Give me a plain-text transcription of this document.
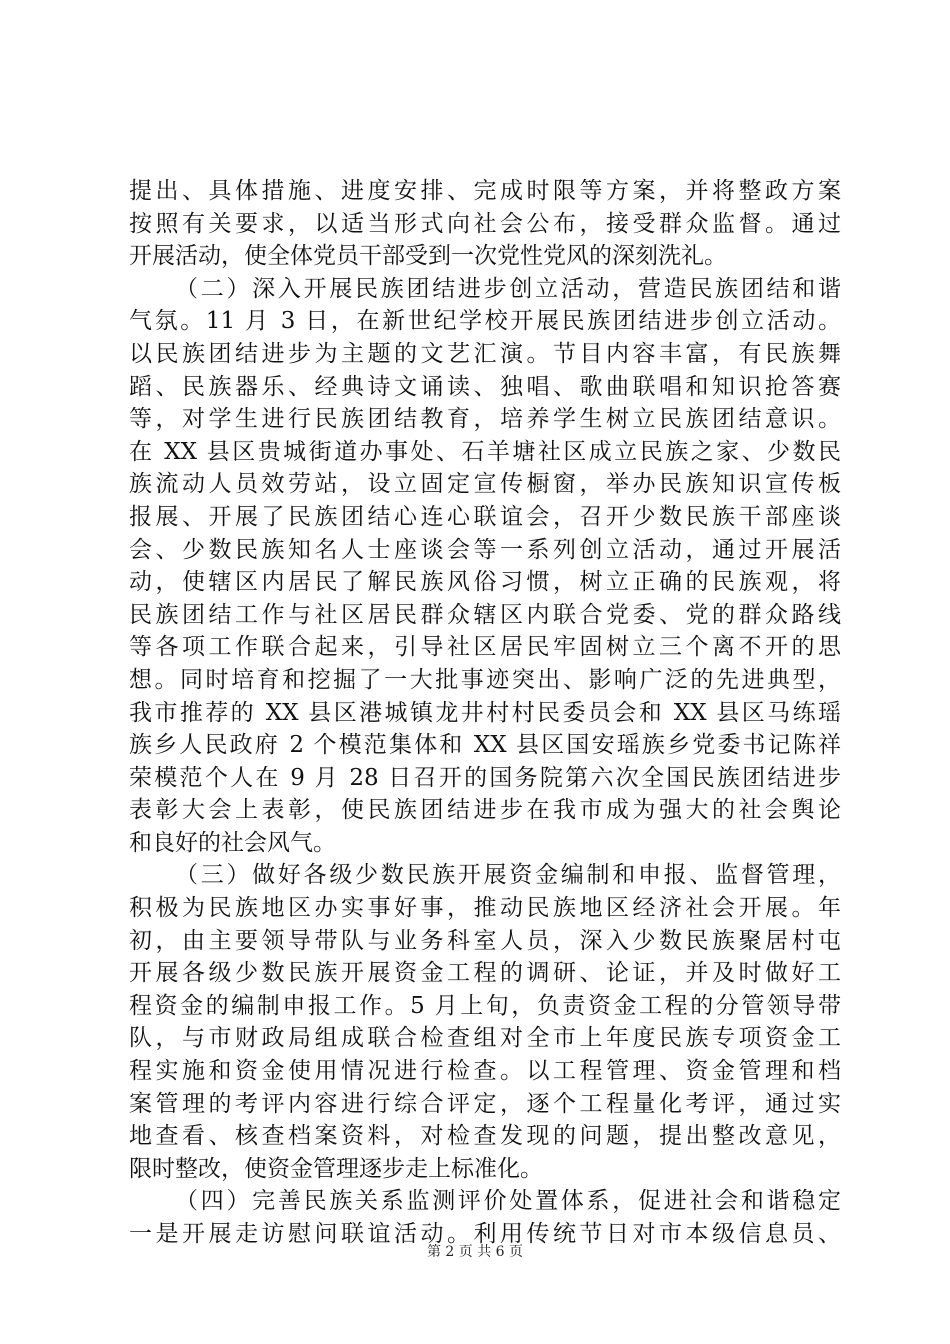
提出、具体措施、进度安排、完成时限等方案，并将整政方案
按照有关要求，以适当形式向社会公布，接受群众监督。通过
开展活动，使全体党员干部受到一次党性党风的深刻洗礼。
（二）深入开展民族团结进步创立活动，营造民族团结和谐
气氛。11 月 3 日，在新世纪学校开展民族团结进步创立活动。
以民族团结进步为主题的文艺汇演。节目内容丰富，有民族舞
蹈、民族器乐、经典诗文诵读、独唱、歌曲联唱和知识抢答赛
等，对学生进行民族团结教育，培养学生树立民族团结意识。
在 XX 县区贵城街道办事处、石羊塘社区成立民族之家、少数民
族流动人员效劳站，设立固定宣传橱窗，举办民族知识宣传板
报展、开展了民族团结心连心联谊会，召开少数民族干部座谈
会、少数民族知名人士座谈会等一系列创立活动，通过开展活
动，使辖区内居民了解民族风俗习惯，树立正确的民族观，将
民族团结工作与社区居民群众辖区内联合党委、党的群众路线
等各项工作联合起来，引导社区居民牢固树立三个离不开的思
想。同时培育和挖掘了一大批事迹突出、影响广泛的先进典型，
我市推荐的 XX 县区港城镇龙井村村民委员会和 XX 县区马练瑶
族乡人民政府 2 个模范集体和 XX 县区国安瑶族乡党委书记陈祥
荣模范个人在 9 月 28 日召开的国务院第六次全国民族团结进步
表彰大会上表彰，使民族团结进步在我市成为强大的社会舆论
和良好的社会风气。
（三）做好各级少数民族开展资金编制和申报、监督管理，
积极为民族地区办实事好事，推动民族地区经济社会开展。年
初，由主要领导带队与业务科室人员，深入少数民族聚居村屯
开展各级少数民族开展资金工程的调研、论证，并及时做好工
程资金的编制申报工作。5 月上旬，负责资金工程的分管领导带
队，与市财政局组成联合检查组对全市上年度民族专项资金工
程实施和资金使用情况进行检查。以工程管理、资金管理和档
案管理的考评内容进行综合评定，逐个工程量化考评，通过实
地查看、核查档案资料，对检查发现的问题，提出整改意见，
限时整改，使资金管理逐步走上标准化。
（四）完善民族关系监测评价处置体系，促进社会和谐稳定
一是开展走访慰问联谊活动。利用传统节日对市本级信息员、
第 2 页 共 6 页
